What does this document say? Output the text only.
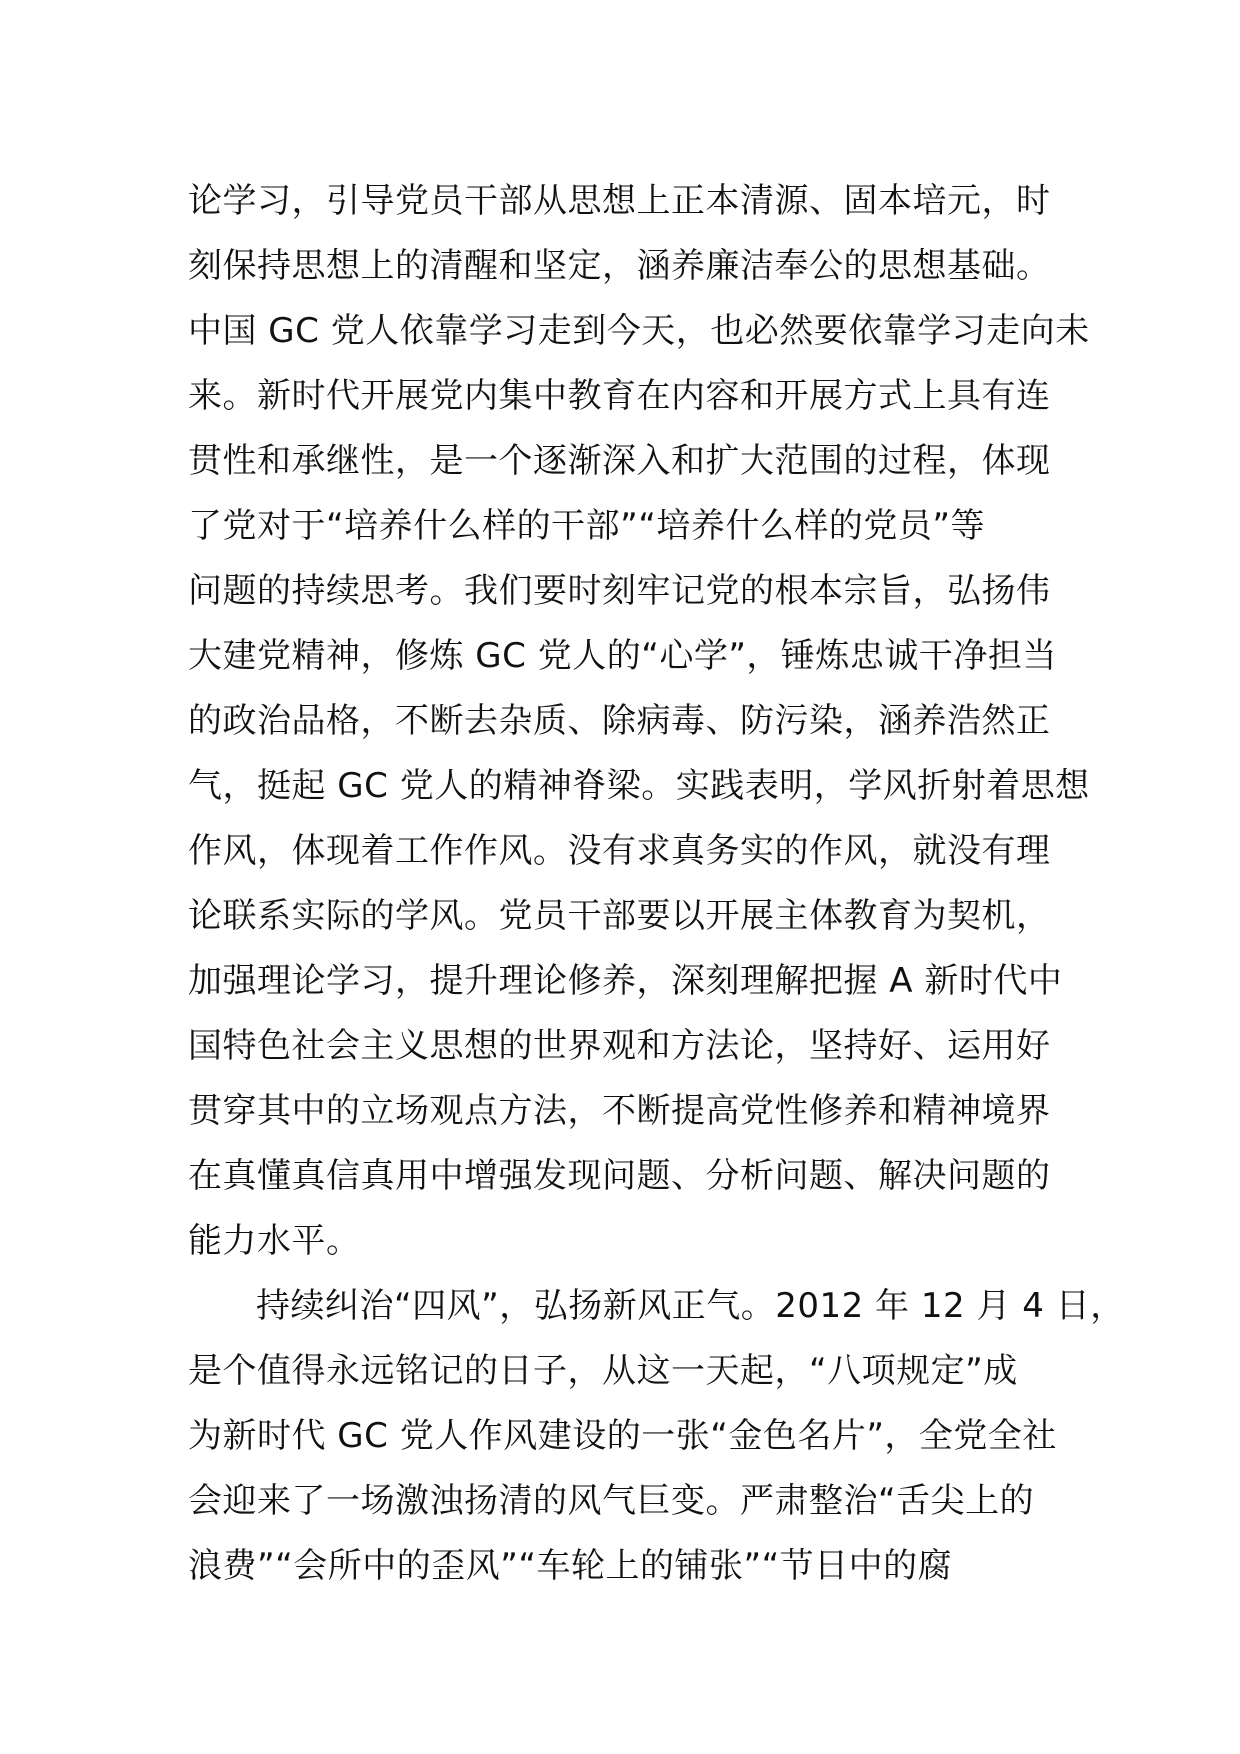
论学习，引导党员干部从思想上正本清源、固本培元，时
刻保持思想上的清醒和坚定，涵养廉洁奉公的思想基础。
中国 GC 党人依靠学习走到今天，也必然要依靠学习走向未
来。新时代开展党内集中教育在内容和开展方式上具有连
贯性和承继性，是一个逐渐深入和扩大范围的过程，体现
了党对于“培养什么样的干部”“培养什么样的党员”等
问题的持续思考。我们要时刻牢记党的根本宗旨，弘扬伟
大建党精神，修炼 GC 党人的“心学”，锤炼忠诚干净担当
的政治品格，不断去杂质、除病毒、防污染，涵养浩然正
气，挺起 GC 党人的精神脊梁。实践表明，学风折射着思想
作风，体现着工作作风。没有求真务实的作风，就没有理
论联系实际的学风。党员干部要以开展主体教育为契机，
加强理论学习，提升理论修养，深刻理解把握 A 新时代中
国特色社会主义思想的世界观和方法论，坚持好、运用好
贯穿其中的立场观点方法，不断提高党性修养和精神境界
在真懂真信真用中增强发现问题、分析问题、解决问题的
能力水平。
持续纠治“四风”，弘扬新风正气。2012 年 12 月 4 日，
是个值得永远铭记的日子，从这一天起，“八项规定”成
为新时代 GC 党人作风建设的一张“金色名片”，全党全社
会迎来了一场激浊扬清的风气巨变。严肃整治“舌尖上的
浪费”“会所中的歪风”“车轮上的铺张”“节日中的腐
